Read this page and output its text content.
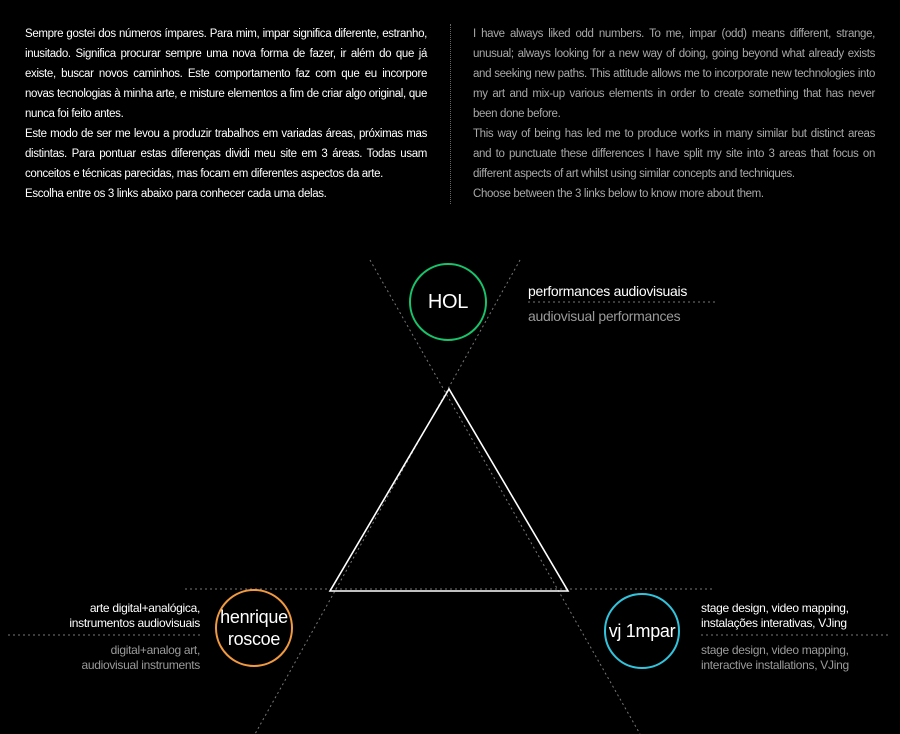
Sempre gostei dos números ímpares. Para mim, impar significa diferente, estranho, inusitado. Significa procurar sempre uma nova forma de fazer, ir além do que já existe, buscar novos caminhos. Este comportamento faz com que eu incorpore novas tecnologias à minha arte, e misture elementos a fim de criar algo original, que nunca foi feito antes.
Este modo de ser me levou a produzir trabalhos em variadas áreas, próximas mas distintas. Para pontuar estas diferenças dividi meu site em 3 áreas. Todas usam conceitos e técnicas parecidas, mas focam em diferentes aspectos da arte.
Escolha entre os 3 links abaixo para conhecer cada uma delas.
I have always liked odd numbers. To me, impar (odd) means different, strange, unusual; always looking for a new way of doing, going beyond what already exists and seeking new paths. This attitude allows me to incorporate new technologies into my art and mix-up various elements in order to create something that has never been done before.
This way of being has led me to produce works in many similar but distinct areas and to punctuate these differences I have split my site into 3 areas that focus on different aspects of art whilst using similar concepts and techniques.
Choose between the 3 links below to know more about them.
HOL	performances audiovisuais
audiovisual performances
henrique
roscoe
arte digital+analógica,
instrumentos audiovisuais
digital+analog art,
audiovisual instruments
vj 1mpar
stage design, video mapping,
instalações interativas, VJing
stage design, video mapping,
interactive installations, VJing
